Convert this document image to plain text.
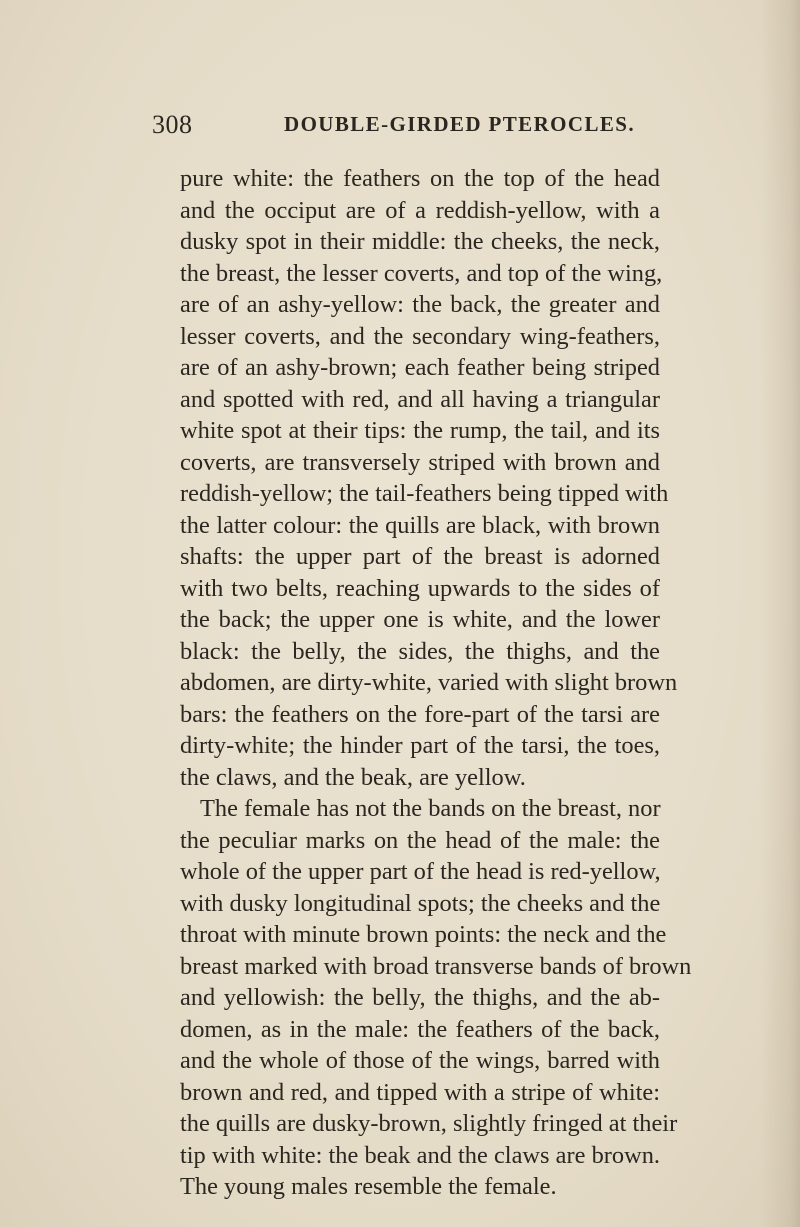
308	DOUBLE-GIRDED PTEROCLES.
pure white: the feathers on the top of the head
and the occiput are of a reddish-yellow, with a
dusky spot in their middle: the cheeks, the neck,
the breast, the lesser coverts, and top of the wing,
are of an ashy-yellow: the back, the greater and
lesser coverts, and the secondary wing-feathers,
are of an ashy-brown; each feather being striped
and spotted with red, and all having a triangular
white spot at their tips: the rump, the tail, and its
coverts, are transversely striped with brown and
reddish-yellow; the tail-feathers being tipped with
the latter colour: the quills are black, with brown
shafts: the upper part of the breast is adorned
with two belts, reaching upwards to the sides of
the back; the upper one is white, and the lower
black: the belly, the sides, the thighs, and the
abdomen, are dirty-white, varied with slight brown
bars: the feathers on the fore-part of the tarsi are
dirty-white; the hinder part of the tarsi, the toes,
the claws, and the beak, are yellow.
The female has not the bands on the breast, nor
the peculiar marks on the head of the male: the
whole of the upper part of the head is red-yellow,
with dusky longitudinal spots; the cheeks and the
throat with minute brown points: the neck and the
breast marked with broad transverse bands of brown
and yellowish: the belly, the thighs, and the ab-
domen, as in the male: the feathers of the back,
and the whole of those of the wings, barred with
brown and red, and tipped with a stripe of white:
the quills are dusky-brown, slightly fringed at their
tip with white: the beak and the claws are brown.
The young males resemble the female.
